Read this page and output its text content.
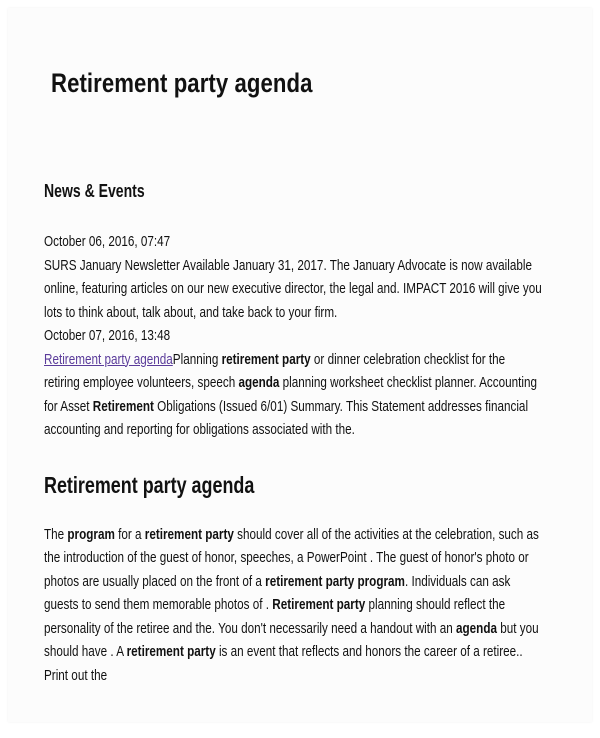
Retirement party agenda
News & Events
October 06, 2016, 07:47
SURS January Newsletter Available January 31, 2017. The January Advocate is now available online, featuring articles on our new executive director, the legal and. IMPACT 2016 will give you lots to think about, talk about, and take back to your firm.
October 07, 2016, 13:48
Retirement party agendaPlanning retirement party or dinner celebration checklist for the retiring employee volunteers, speech agenda planning worksheet checklist planner. Accounting for Asset Retirement Obligations (Issued 6/01) Summary. This Statement addresses financial accounting and reporting for obligations associated with the.
Retirement party agenda
The program for a retirement party should cover all of the activities at the celebration, such as the introduction of the guest of honor, speeches, a PowerPoint . The guest of honor's photo or photos are usually placed on the front of a retirement party program. Individuals can ask guests to send them memorable photos of . Retirement party planning should reflect the personality of the retiree and the. You don't necessarily need a handout with an agenda but you should have . A retirement party is an event that reflects and honors the career of a retiree.. Print out the
